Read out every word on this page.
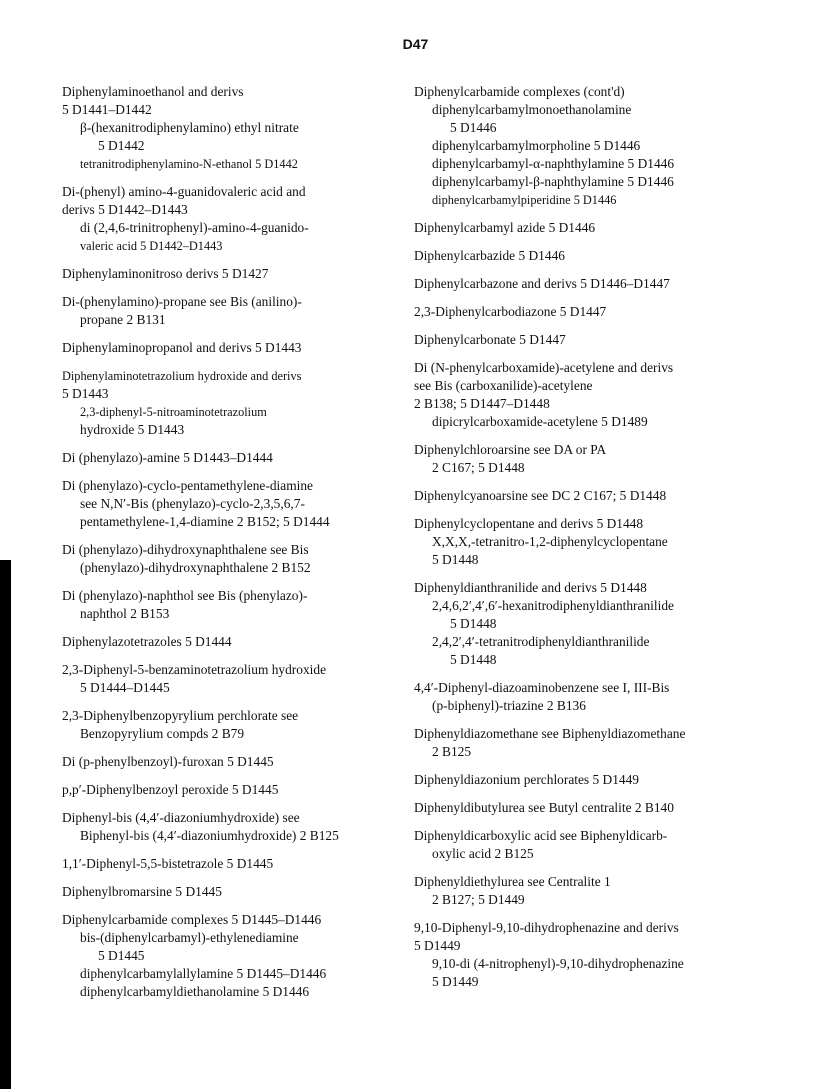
D47
Diphenylaminoethanol and derivs
5 D1441–D1442
β-(hexanitrodiphenylamino) ethyl nitrate
5 D1442
tetranitrodiphenylamino-N-ethanol 5 D1442
Di-(phenyl) amino-4-guanidovaleric acid and
derivs 5 D1442–D1443
di (2,4,6-trinitrophenyl)-amino-4-guanido-
valeric acid 5 D1442–D1443
Diphenylaminonitroso derivs 5 D1427
Di-(phenylamino)-propane see Bis (anilino)-
propane 2 B131
Diphenylaminopropanol and derivs 5 D1443
Diphenylaminotetrazolium hydroxide and derivs
5 D1443
2,3-diphenyl-5-nitroaminotetrazolium
hydroxide 5 D1443
Di (phenylazo)-amine 5 D1443–D1444
Di (phenylazo)-cyclo-pentamethylene-diamine
see N,N′-Bis (phenylazo)-cyclo-2,3,5,6,7-
pentamethylene-1,4-diamine 2 B152; 5 D1444
Di (phenylazo)-dihydroxynaphthalene see Bis
(phenylazo)-dihydroxynaphthalene 2 B152
Di (phenylazo)-naphthol see Bis (phenylazo)-
naphthol 2 B153
Diphenylazotetrazoles 5 D1444
2,3-Diphenyl-5-benzaminotetrazolium hydroxide
5 D1444–D1445
2,3-Diphenylbenzopyrylium perchlorate see
Benzopyrylium compds 2 B79
Di (p-phenylbenzoyl)-furoxan 5 D1445
p,p′-Diphenylbenzoyl peroxide 5 D1445
Diphenyl-bis (4,4′-diazoniumhydroxide) see
Biphenyl-bis (4,4′-diazoniumhydroxide) 2 B125
1,1′-Diphenyl-5,5-bistetrazole 5 D1445
Diphenylbromarsine 5 D1445
Diphenylcarbamide complexes 5 D1445–D1446
bis-(diphenylcarbamyl)-ethylenediamine
5 D1445
diphenylcarbamylallylamine 5 D1445–D1446
diphenylcarbamyldiethanolamine 5 D1446
Diphenylcarbamide complexes (cont'd)
diphenylcarbamylmonoethanolamine
5 D1446
diphenylcarbamylmorpholine 5 D1446
diphenylcarbamyl-α-naphthylamine 5 D1446
diphenylcarbamyl-β-naphthylamine 5 D1446
diphenylcarbamylpiperidine 5 D1446
Diphenylcarbamyl azide 5 D1446
Diphenylcarbazide 5 D1446
Diphenylcarbazone and derivs 5 D1446–D1447
2,3-Diphenylcarbodiazone 5 D1447
Diphenylcarbonate 5 D1447
Di (N-phenylcarboxamide)-acetylene and derivs
see Bis (carboxanilide)-acetylene
2 B138; 5 D1447–D1448
dipicrylcarboxamide-acetylene 5 D1489
Diphenylchloroarsine see DA or PA
2 C167; 5 D1448
Diphenylcyanoarsine see DC 2 C167; 5 D1448
Diphenylcyclopentane and derivs 5 D1448
X,X,X,-tetranitro-1,2-diphenylcyclopentane
5 D1448
Diphenyldianthranilide and derivs 5 D1448
2,4,6,2′,4′,6′-hexanitrodiphenyldianthranilide
5 D1448
2,4,2′,4′-tetranitrodiphenyldianthranilide
5 D1448
4,4′-Diphenyl-diazoaminobenzene see I, III-Bis
(p-biphenyl)-triazine 2 B136
Diphenyldiazomethane see Biphenyldiazomethane
2 B125
Diphenyldiazonium perchlorates 5 D1449
Diphenyldibutylurea see Butyl centralite 2 B140
Diphenyldicarboxylic acid see Biphenyldicarb-
oxylic acid 2 B125
Diphenyldiethylurea see Centralite 1
2 B127; 5 D1449
9,10-Diphenyl-9,10-dihydrophenazine and derivs
5 D1449
9,10-di (4-nitrophenyl)-9,10-dihydrophenazine
5 D1449
